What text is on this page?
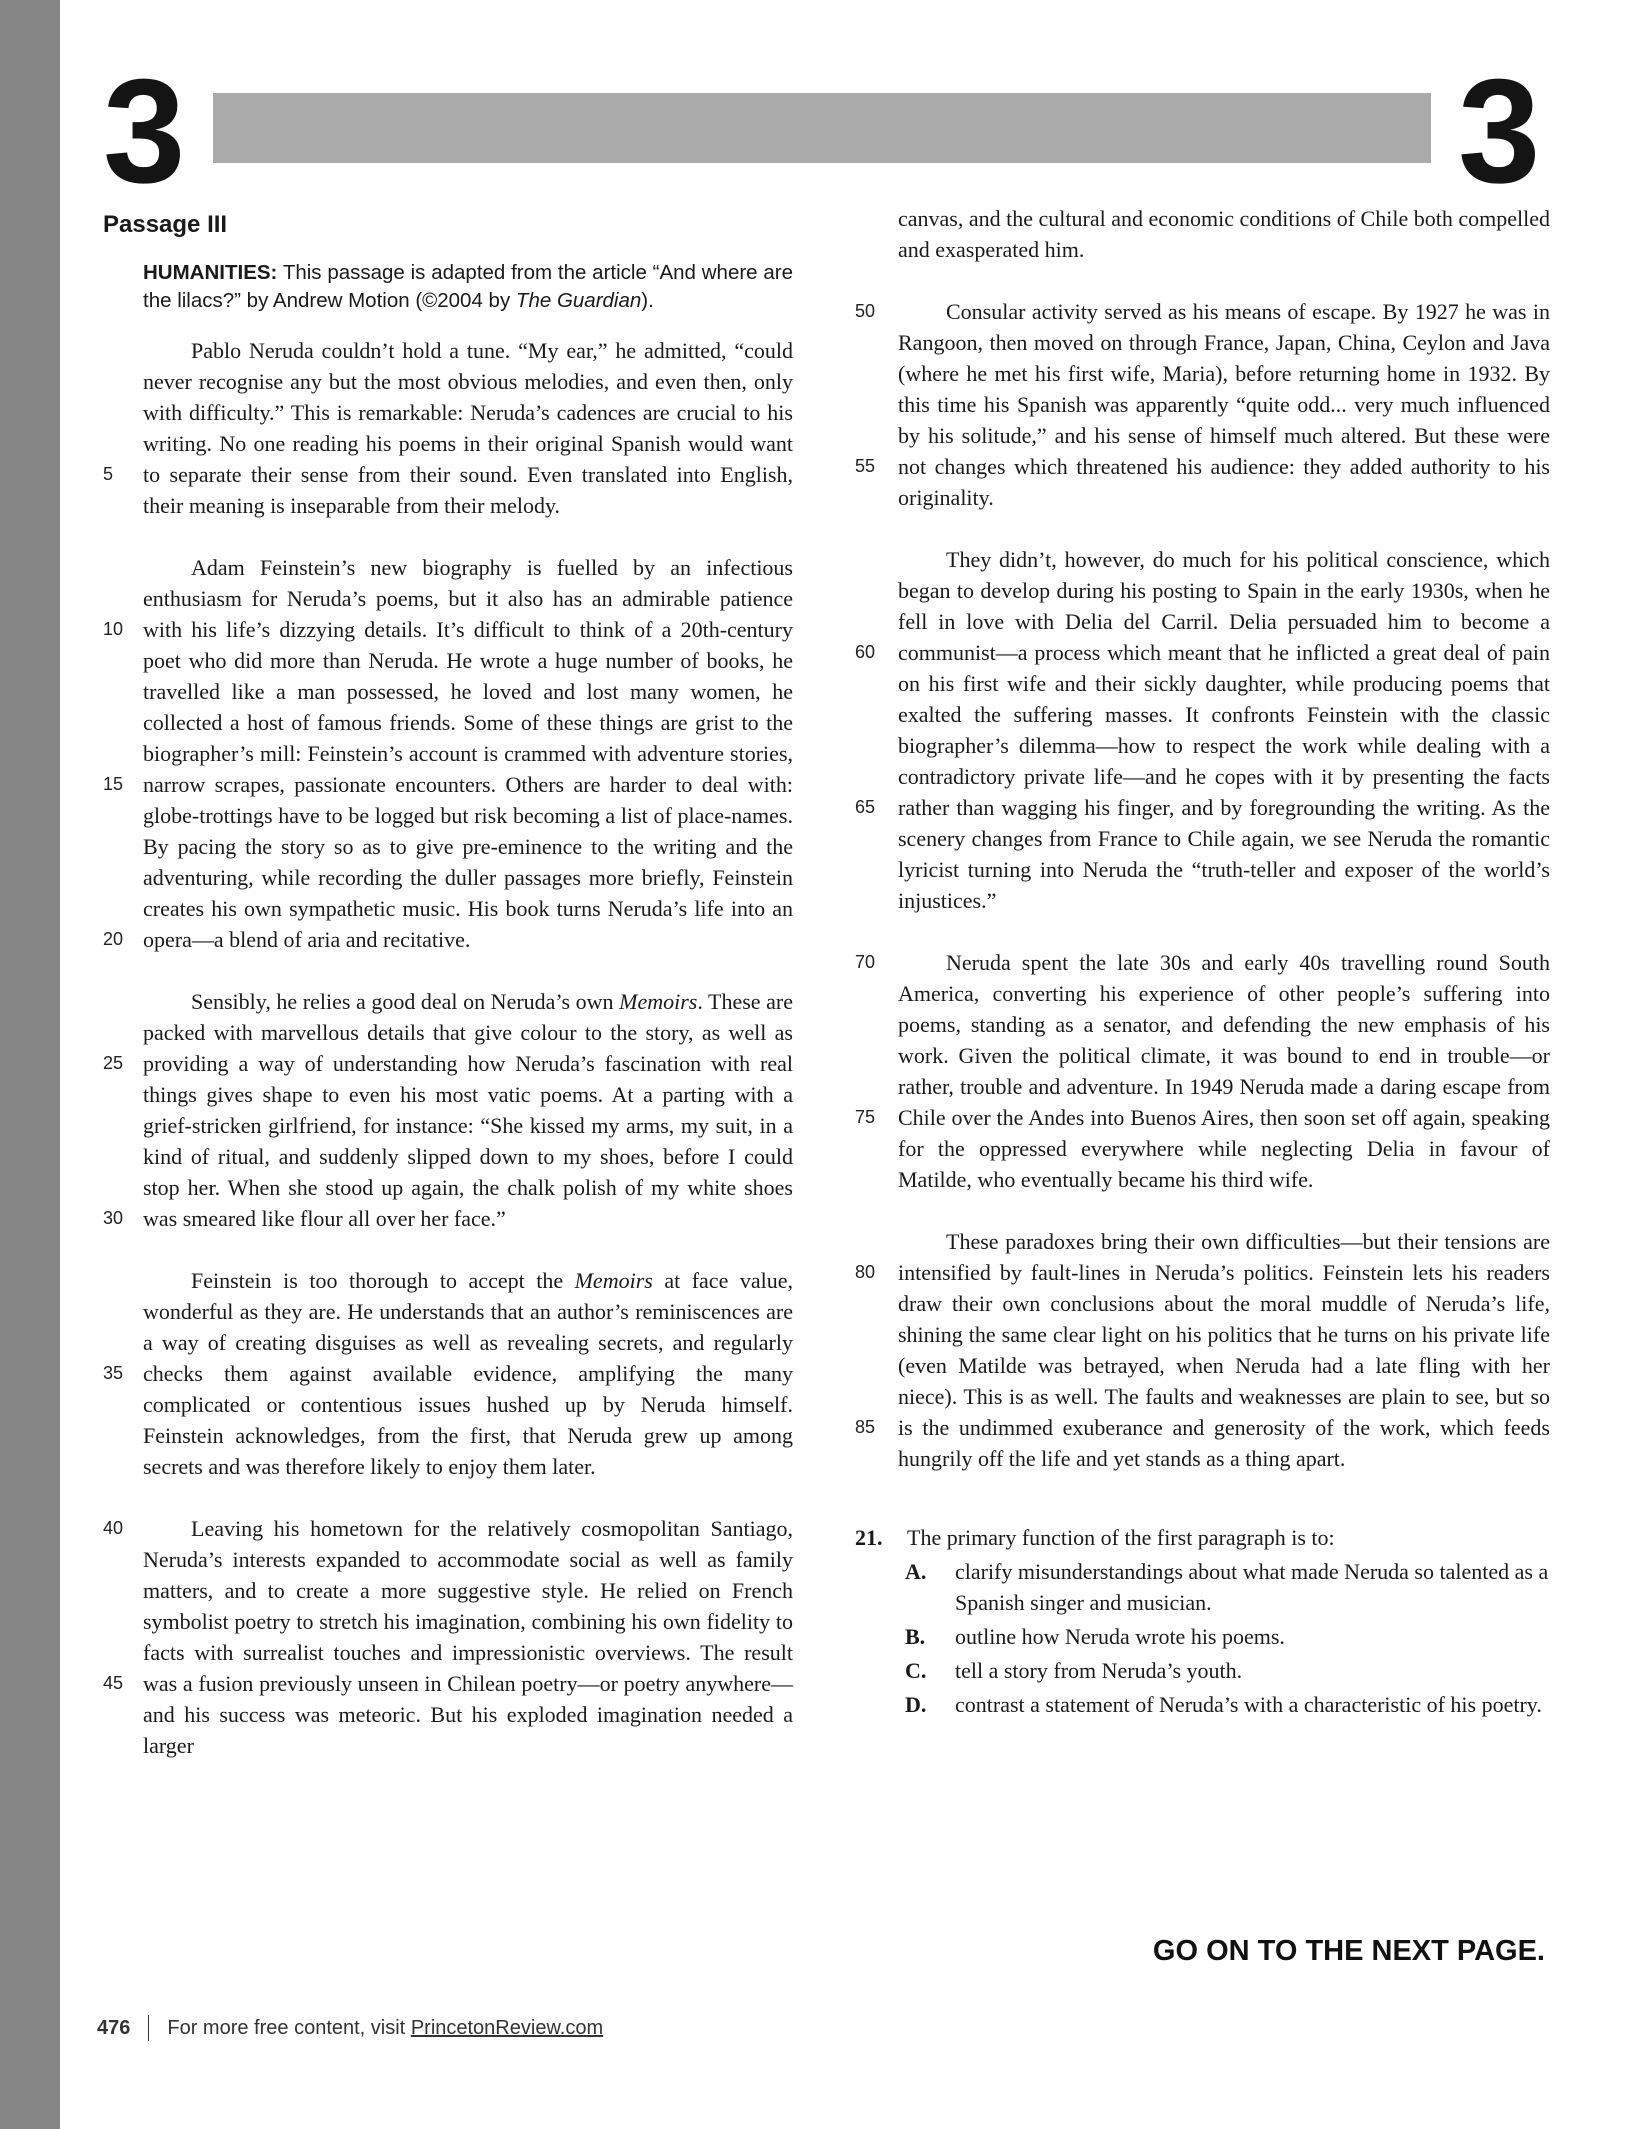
3	3
Passage III
HUMANITIES: This passage is adapted from the article “And where are the lilacs?” by Andrew Motion (©2004 by The Guardian).
5

Pablo Neruda couldn’t hold a tune. “My ear,” he admitted, “could never recognise any but the most obvious melodies, and even then, only with difficulty.” This is remarkable: Neruda’s cadences are crucial to his writing. No one reading his poems in their original Spanish would want to separate their sense from their sound. Even translated into English, their meaning is inseparable from their melody.

10
15
20

Adam Feinstein’s new biography is fuelled by an infectious enthusiasm for Neruda’s poems, but it also has an admirable patience with his life’s dizzying details. It’s difficult to think of a 20th-century poet who did more than Neruda. He wrote a huge number of books, he travelled like a man possessed, he loved and lost many women, he collected a host of famous friends. Some of these things are grist to the biographer’s mill: Feinstein’s account is crammed with adventure stories, narrow scrapes, passionate encounters. Others are harder to deal with: globe-trottings have to be logged but risk becoming a list of place-names. By pacing the story so as to give pre-eminence to the writing and the adventuring, while recording the duller passages more briefly, Feinstein creates his own sympathetic music. His book turns Neruda’s life into an opera—a blend of aria and recitative.

25
30

Sensibly, he relies a good deal on Neruda’s own Memoirs. These are packed with marvellous details that give colour to the story, as well as providing a way of understanding how Neruda’s fascination with real things gives shape to even his most vatic poems. At a parting with a grief-stricken girlfriend, for instance: “She kissed my arms, my suit, in a kind of ritual, and suddenly slipped down to my shoes, before I could stop her. When she stood up again, the chalk polish of my white shoes was smeared like flour all over her face.”

35

Feinstein is too thorough to accept the Memoirs at face value, wonderful as they are. He understands that an author’s reminiscences are a way of creating disguises as well as revealing secrets, and regularly checks them against available evidence, amplifying the many complicated or contentious issues hushed up by Neruda himself. Feinstein acknowledges, from the first, that Neruda grew up among secrets and was therefore likely to enjoy them later.

40
45

Leaving his hometown for the relatively cosmopolitan Santiago, Neruda’s interests expanded to accommodate social as well as family matters, and to create a more suggestive style. He relied on French symbolist poetry to stretch his imagination, combining his own fidelity to facts with surrealist touches and impressionistic overviews. The result was a fusion previously unseen in Chilean poetry—or poetry anywhere—and his success was meteoric. But his exploded imagination needed a larger

canvas, and the cultural and economic conditions of Chile both compelled and exasperated him.

50
55

Consular activity served as his means of escape. By 1927 he was in Rangoon, then moved on through France, Japan, China, Ceylon and Java (where he met his first wife, Maria), before returning home in 1932. By this time his Spanish was apparently “quite odd... very much influenced by his solitude,” and his sense of himself much altered. But these were not changes which threatened his audience: they added authority to his originality.

60
65

They didn’t, however, do much for his political conscience, which began to develop during his posting to Spain in the early 1930s, when he fell in love with Delia del Carril. Delia persuaded him to become a communist—a process which meant that he inflicted a great deal of pain on his first wife and their sickly daughter, while producing poems that exalted the suffering masses. It confronts Feinstein with the classic biographer’s dilemma—how to respect the work while dealing with a contradictory private life—and he copes with it by presenting the facts rather than wagging his finger, and by foregrounding the writing. As the scenery changes from France to Chile again, we see Neruda the romantic lyricist turning into Neruda the “truth-teller and exposer of the world’s injustices.”

70
75

Neruda spent the late 30s and early 40s travelling round South America, converting his experience of other people’s suffering into poems, standing as a senator, and defending the new emphasis of his work. Given the political climate, it was bound to end in trouble—or rather, trouble and adventure. In 1949 Neruda made a daring escape from Chile over the Andes into Buenos Aires, then soon set off again, speaking for the oppressed everywhere while neglecting Delia in favour of Matilde, who eventually became his third wife.

80
85

These paradoxes bring their own difficulties—but their tensions are intensified by fault-lines in Neruda’s politics. Feinstein lets his readers draw their own conclusions about the moral muddle of Neruda’s life, shining the same clear light on his politics that he turns on his private life (even Matilde was betrayed, when Neruda had a late fling with her niece). This is as well. The faults and weaknesses are plain to see, but so is the undimmed exuberance and generosity of the work, which feeds hungrily off the life and yet stands as a thing apart.

21. The primary function of the first paragraph is to:
A. clarify misunderstandings about what made Neruda so talented as a Spanish singer and musician.
B. outline how Neruda wrote his poems.
C. tell a story from Neruda’s youth.
D. contrast a statement of Neruda’s with a characteristic of his poetry.
GO ON TO THE NEXT PAGE.
476 For more free content, visit
PrincetonReview.com
